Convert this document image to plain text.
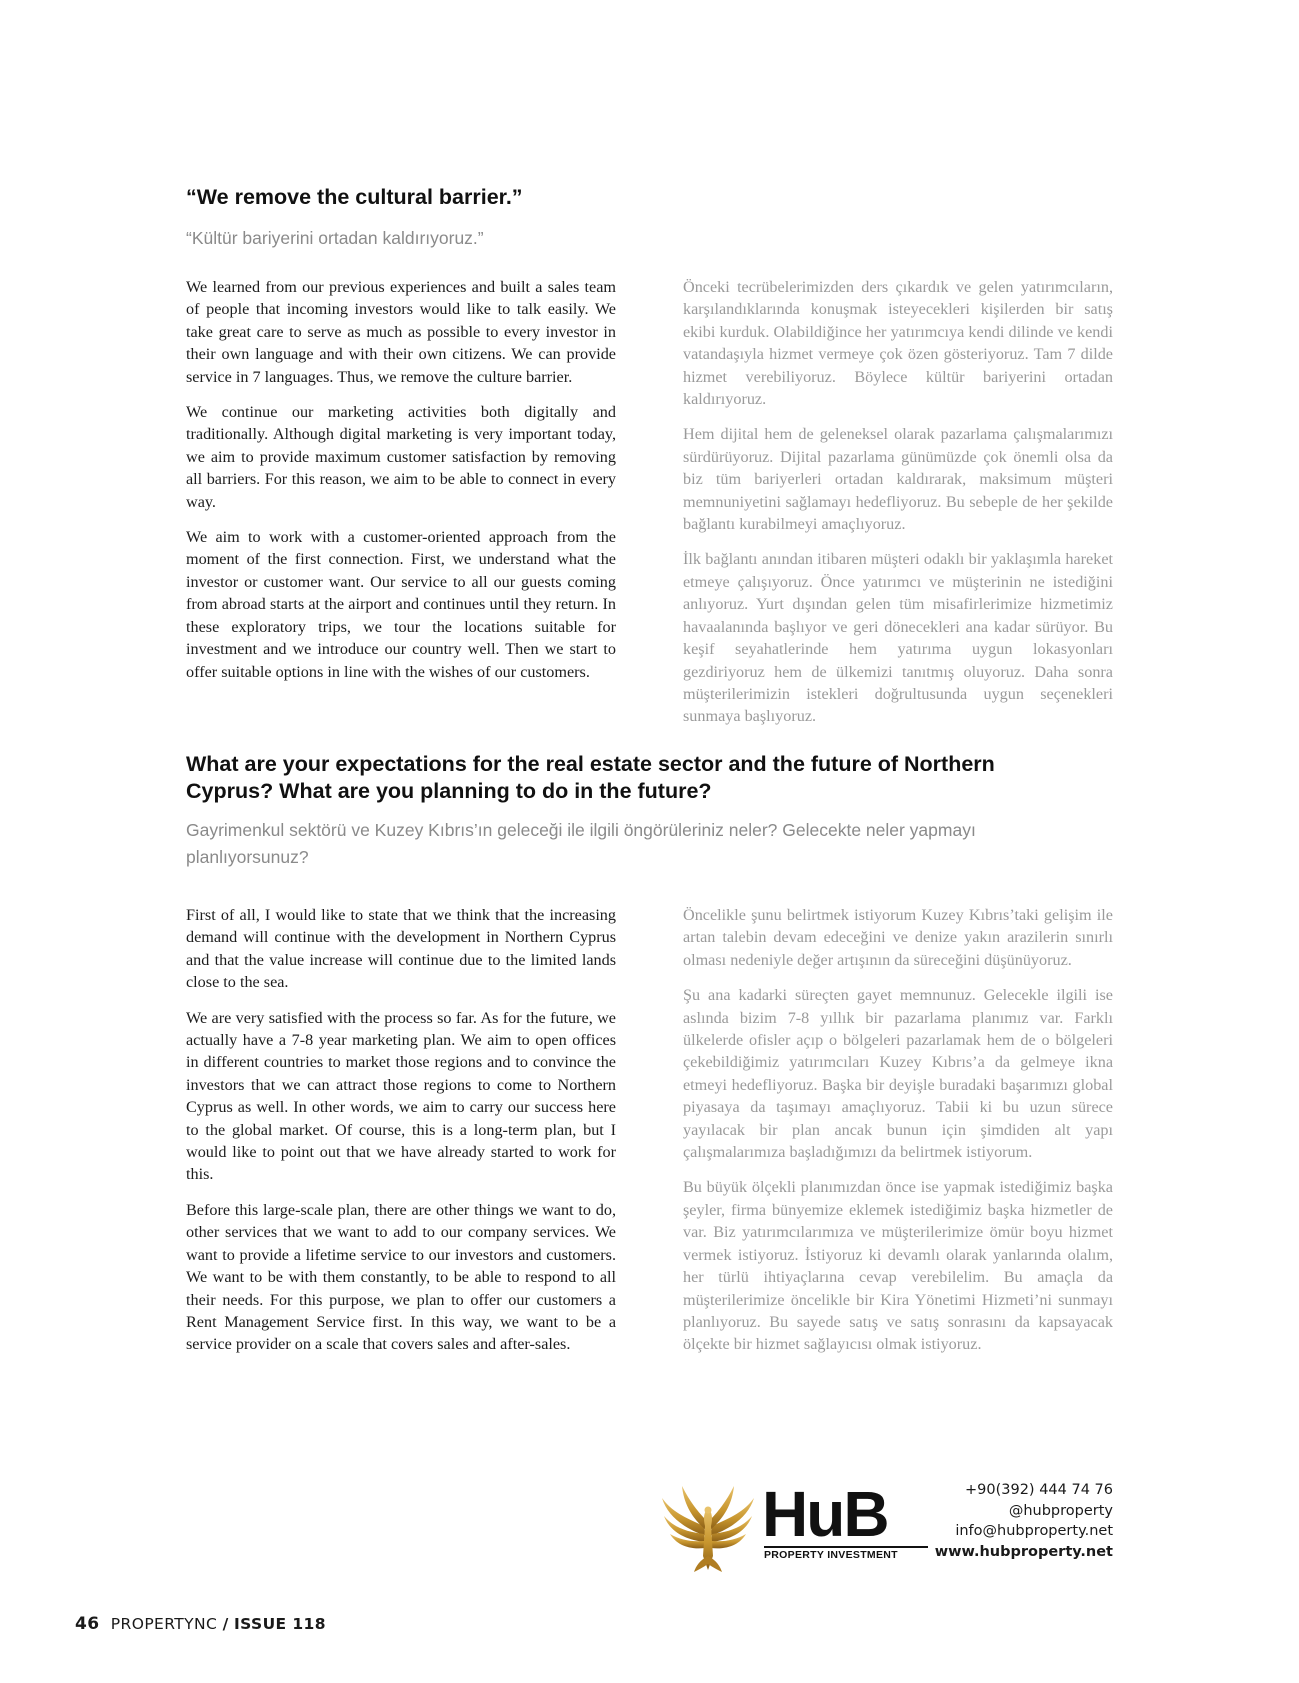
“We remove the cultural barrier.”
“Kültür bariyerini ortadan kaldırıyoruz.”

We learned from our previous experiences and built a sales team of people that incoming investors would like to talk easily. We take great care to serve as much as possible to every investor in their own language and with their own citizens. We can provide service in 7 languages. Thus, we remove the culture barrier.

We continue our marketing activities both digitally and traditionally. Although digital marketing is very important today, we aim to provide maximum customer satisfaction by removing all barriers. For this reason, we aim to be able to connect in every way.

We aim to work with a customer-oriented approach from the moment of the first connection. First, we understand what the investor or customer want. Our service to all our guests coming from abroad starts at the airport and continues until they return. In these exploratory trips, we tour the locations suitable for investment and we introduce our country well. Then we start to offer suitable options in line with the wishes of our customers.

Önceki tecrübelerimizden ders çıkardık ve gelen yatırımcıların, karşılandıklarında konuşmak isteyecekleri kişilerden bir satış ekibi kurduk. Olabildiğince her yatırımcıya kendi dilinde ve kendi vatandaşıyla hizmet vermeye çok özen gösteriyoruz. Tam 7 dilde hizmet verebiliyoruz. Böylece kültür bariyerini ortadan kaldırıyoruz.

Hem dijital hem de geleneksel olarak pazarlama çalışmalarımızı sürdürüyoruz. Dijital pazarlama günümüzde çok önemli olsa da biz tüm bariyerleri ortadan kaldırarak, maksimum müşteri memnuniyetini sağlamayı hedefliyoruz. Bu sebeple de her şekilde bağlantı kurabilmeyi amaçlıyoruz.

İlk bağlantı anından itibaren müşteri odaklı bir yaklaşımla hareket etmeye çalışıyoruz. Önce yatırımcı ve müşterinin ne istediğini anlıyoruz. Yurt dışından gelen tüm misafirlerimize hizmetimiz havaalanında başlıyor ve geri dönecekleri ana kadar sürüyor. Bu keşif seyahatlerinde hem yatırıma uygun lokasyonları gezdiriyoruz hem de ülkemizi tanıtmış oluyoruz. Daha sonra müşterilerimizin istekleri doğrultusunda uygun seçenekleri sunmaya başlıyoruz.

What are your expectations for the real estate sector and the future of Northern Cyprus? What are you planning to do in the future?
Gayrimenkul sektörü ve Kuzey Kıbrıs’ın geleceği ile ilgili öngörüleriniz neler? Gelecekte neler yapmayı planlıyorsunuz?

First of all, I would like to state that we think that the increasing demand will continue with the development in Northern Cyprus and that the value increase will continue due to the limited lands close to the sea.

We are very satisfied with the process so far. As for the future, we actually have a 7-8 year marketing plan. We aim to open offices in different countries to market those regions and to convince the investors that we can attract those regions to come to Northern Cyprus as well. In other words, we aim to carry our success here to the global market. Of course, this is a long-term plan, but I would like to point out that we have already started to work for this.

Before this large-scale plan, there are other things we want to do, other services that we want to add to our company services. We want to provide a lifetime service to our investors and customers. We want to be with them constantly, to be able to respond to all their needs. For this purpose, we plan to offer our customers a Rent Management Service first. In this way, we want to be a service provider on a scale that covers sales and after-sales.

Öncelikle şunu belirtmek istiyorum Kuzey Kıbrıs’taki gelişim ile artan talebin devam edeceğini ve denize yakın arazilerin sınırlı olması nedeniyle değer artışının da süreceğini düşünüyoruz.

Şu ana kadarki süreçten gayet memnunuz. Gelecekle ilgili ise aslında bizim 7-8 yıllık bir pazarlama planımız var. Farklı ülkelerde ofisler açıp o bölgeleri pazarlamak hem de o bölgeleri çekebildiğimiz yatırımcıları Kuzey Kıbrıs’a da gelmeye ikna etmeyi hedefliyoruz. Başka bir deyişle buradaki başarımızı global piyasaya da taşımayı amaçlıyoruz. Tabii ki bu uzun sürece yayılacak bir plan ancak bunun için şimdiden alt yapı çalışmalarımıza başladığımızı da belirtmek istiyorum.

Bu büyük ölçekli planımızdan önce ise yapmak istediğimiz başka şeyler, firma bünyemize eklemek istediğimiz başka hizmetler de var. Biz yatırımcılarımıza ve müşterilerimize ömür boyu hizmet vermek istiyoruz. İstiyoruz ki devamlı olarak yanlarında olalım, her türlü ihtiyaçlarına cevap verebilelim. Bu amaçla da müşterilerimize öncelikle bir Kira Yönetimi Hizmeti’ni sunmayı planlıyoruz. Bu sayede satış ve satış sonrasını da kapsayacak ölçekte bir hizmet sağlayıcısı olmak istiyoruz.

HuB
PROPERTY INVESTMENT
+90(392) 444 74 76
@hubproperty
info@hubproperty.net
www.hubproperty.net
46 PROPERTYNC / ISSUE 118
